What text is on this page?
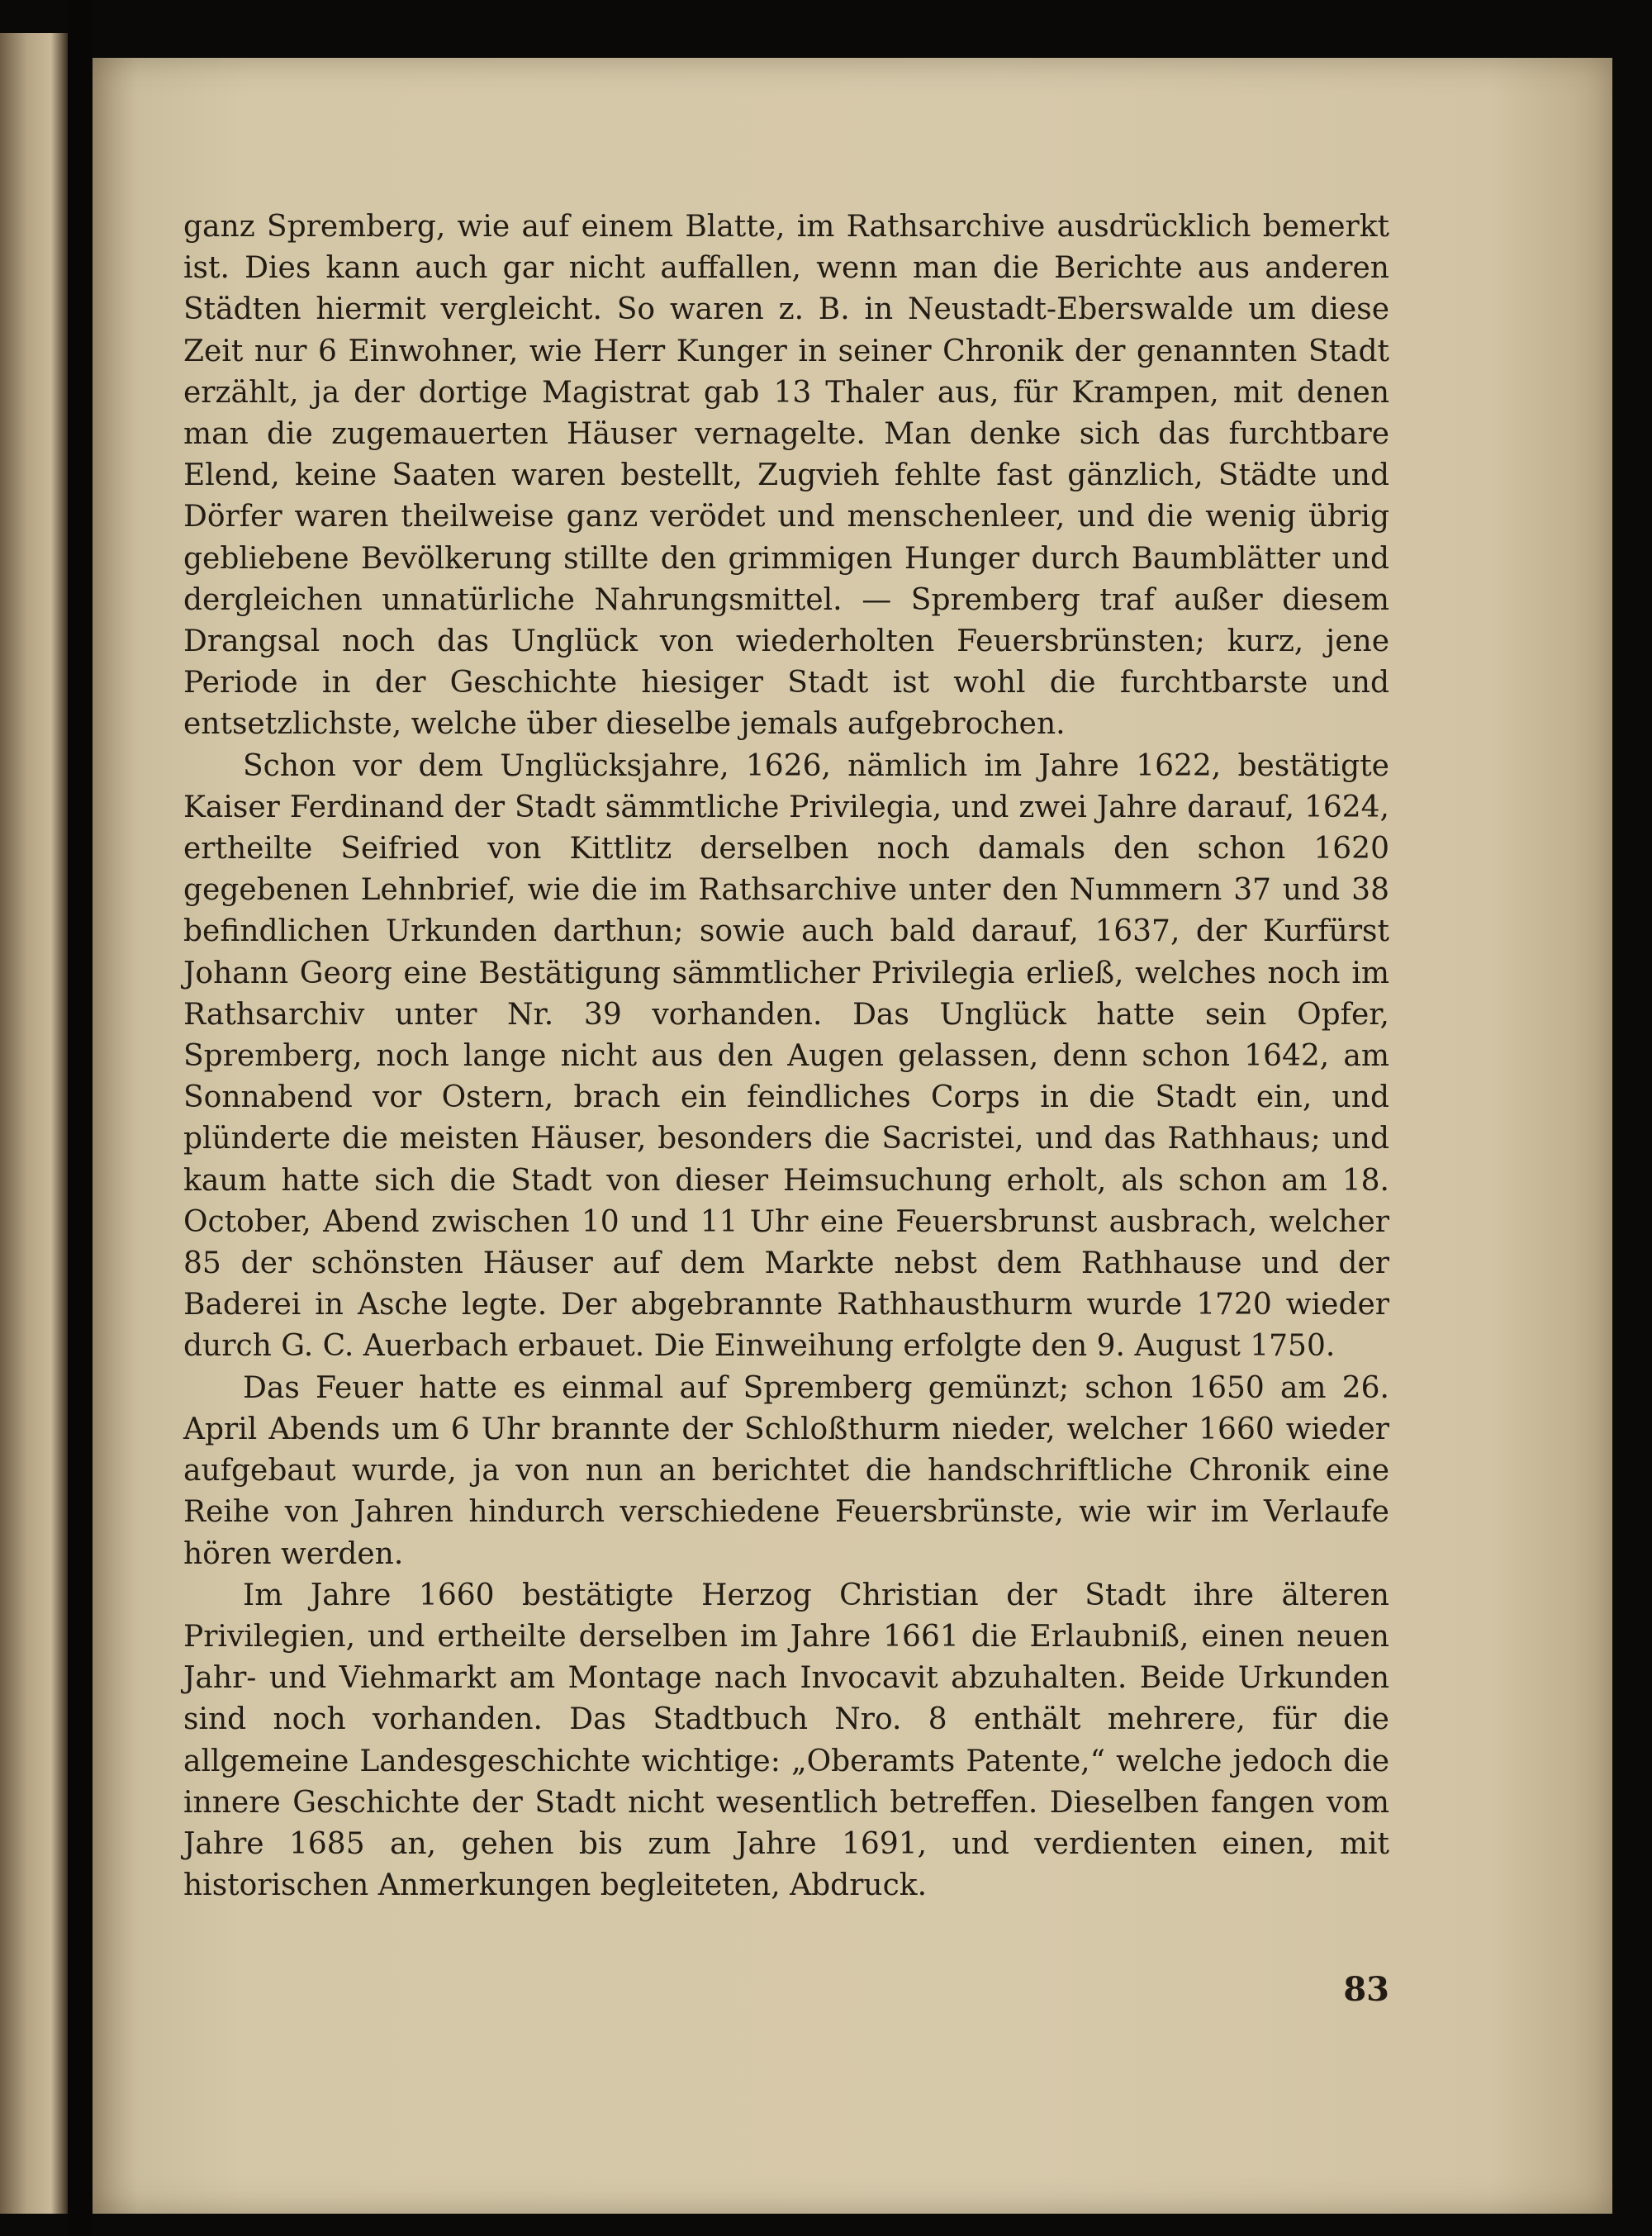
ganz Spremberg, wie auf einem Blatte, im Rathsarchive ausdrücklich bemerkt ist. Dies kann auch gar nicht auffallen, wenn man die Berichte aus anderen Städten hiermit vergleicht. So waren z. B. in Neustadt-Eberswalde um diese Zeit nur 6 Einwohner, wie Herr Kunger in seiner Chronik der genannten Stadt erzählt, ja der dortige Magistrat gab 13 Thaler aus, für Krampen, mit denen man die zugemauerten Häuser vernagelte. Man denke sich das furchtbare Elend, keine Saaten waren bestellt, Zugvieh fehlte fast gänzlich, Städte und Dörfer waren theilweise ganz verödet und menschenleer, und die wenig übrig gebliebene Bevölkerung stillte den grimmigen Hunger durch Baumblätter und dergleichen unnatürliche Nahrungsmittel. — Spremberg traf außer diesem Drangsal noch das Unglück von wiederholten Feuersbrünsten; kurz, jene Periode in der Geschichte hiesiger Stadt ist wohl die furchtbarste und entsetzlichste, welche über dieselbe jemals aufgebrochen.

Schon vor dem Unglücksjahre, 1626, nämlich im Jahre 1622, bestätigte Kaiser Ferdinand der Stadt sämmtliche Privilegia, und zwei Jahre darauf, 1624, ertheilte Seifried von Kittlitz derselben noch damals den schon 1620 gegebenen Lehnbrief, wie die im Rathsarchive unter den Nummern 37 und 38 befindlichen Urkunden darthun; sowie auch bald darauf, 1637, der Kurfürst Johann Georg eine Bestätigung sämmtlicher Privilegia erließ, welches noch im Rathsarchiv unter Nr. 39 vorhanden. Das Unglück hatte sein Opfer, Spremberg, noch lange nicht aus den Augen gelassen, denn schon 1642, am Sonnabend vor Ostern, brach ein feindliches Corps in die Stadt ein, und plünderte die meisten Häuser, besonders die Sacristei, und das Rathhaus; und kaum hatte sich die Stadt von dieser Heimsuchung erholt, als schon am 18. October, Abend zwischen 10 und 11 Uhr eine Feuersbrunst ausbrach, welcher 85 der schönsten Häuser auf dem Markte nebst dem Rathhause und der Baderei in Asche legte. Der abgebrannte Rathhausthurm wurde 1720 wieder durch G. C. Auerbach erbauet. Die Einweihung erfolgte den 9. August 1750.

Das Feuer hatte es einmal auf Spremberg gemünzt; schon 1650 am 26. April Abends um 6 Uhr brannte der Schloßthurm nieder, welcher 1660 wieder aufgebaut wurde, ja von nun an berichtet die handschriftliche Chronik eine Reihe von Jahren hindurch verschiedene Feuersbrünste, wie wir im Verlaufe hören werden.

Im Jahre 1660 bestätigte Herzog Christian der Stadt ihre älteren Privilegien, und ertheilte derselben im Jahre 1661 die Erlaubniß, einen neuen Jahr- und Viehmarkt am Montage nach Invocavit abzuhalten. Beide Urkunden sind noch vorhanden. Das Stadtbuch Nro. 8 enthält mehrere, für die allgemeine Landesgeschichte wichtige: „Oberamts Patente,“ welche jedoch die innere Geschichte der Stadt nicht wesentlich betreffen. Dieselben fangen vom Jahre 1685 an, gehen bis zum Jahre 1691, und verdienten einen, mit historischen Anmerkungen begleiteten, Abdruck.

83
